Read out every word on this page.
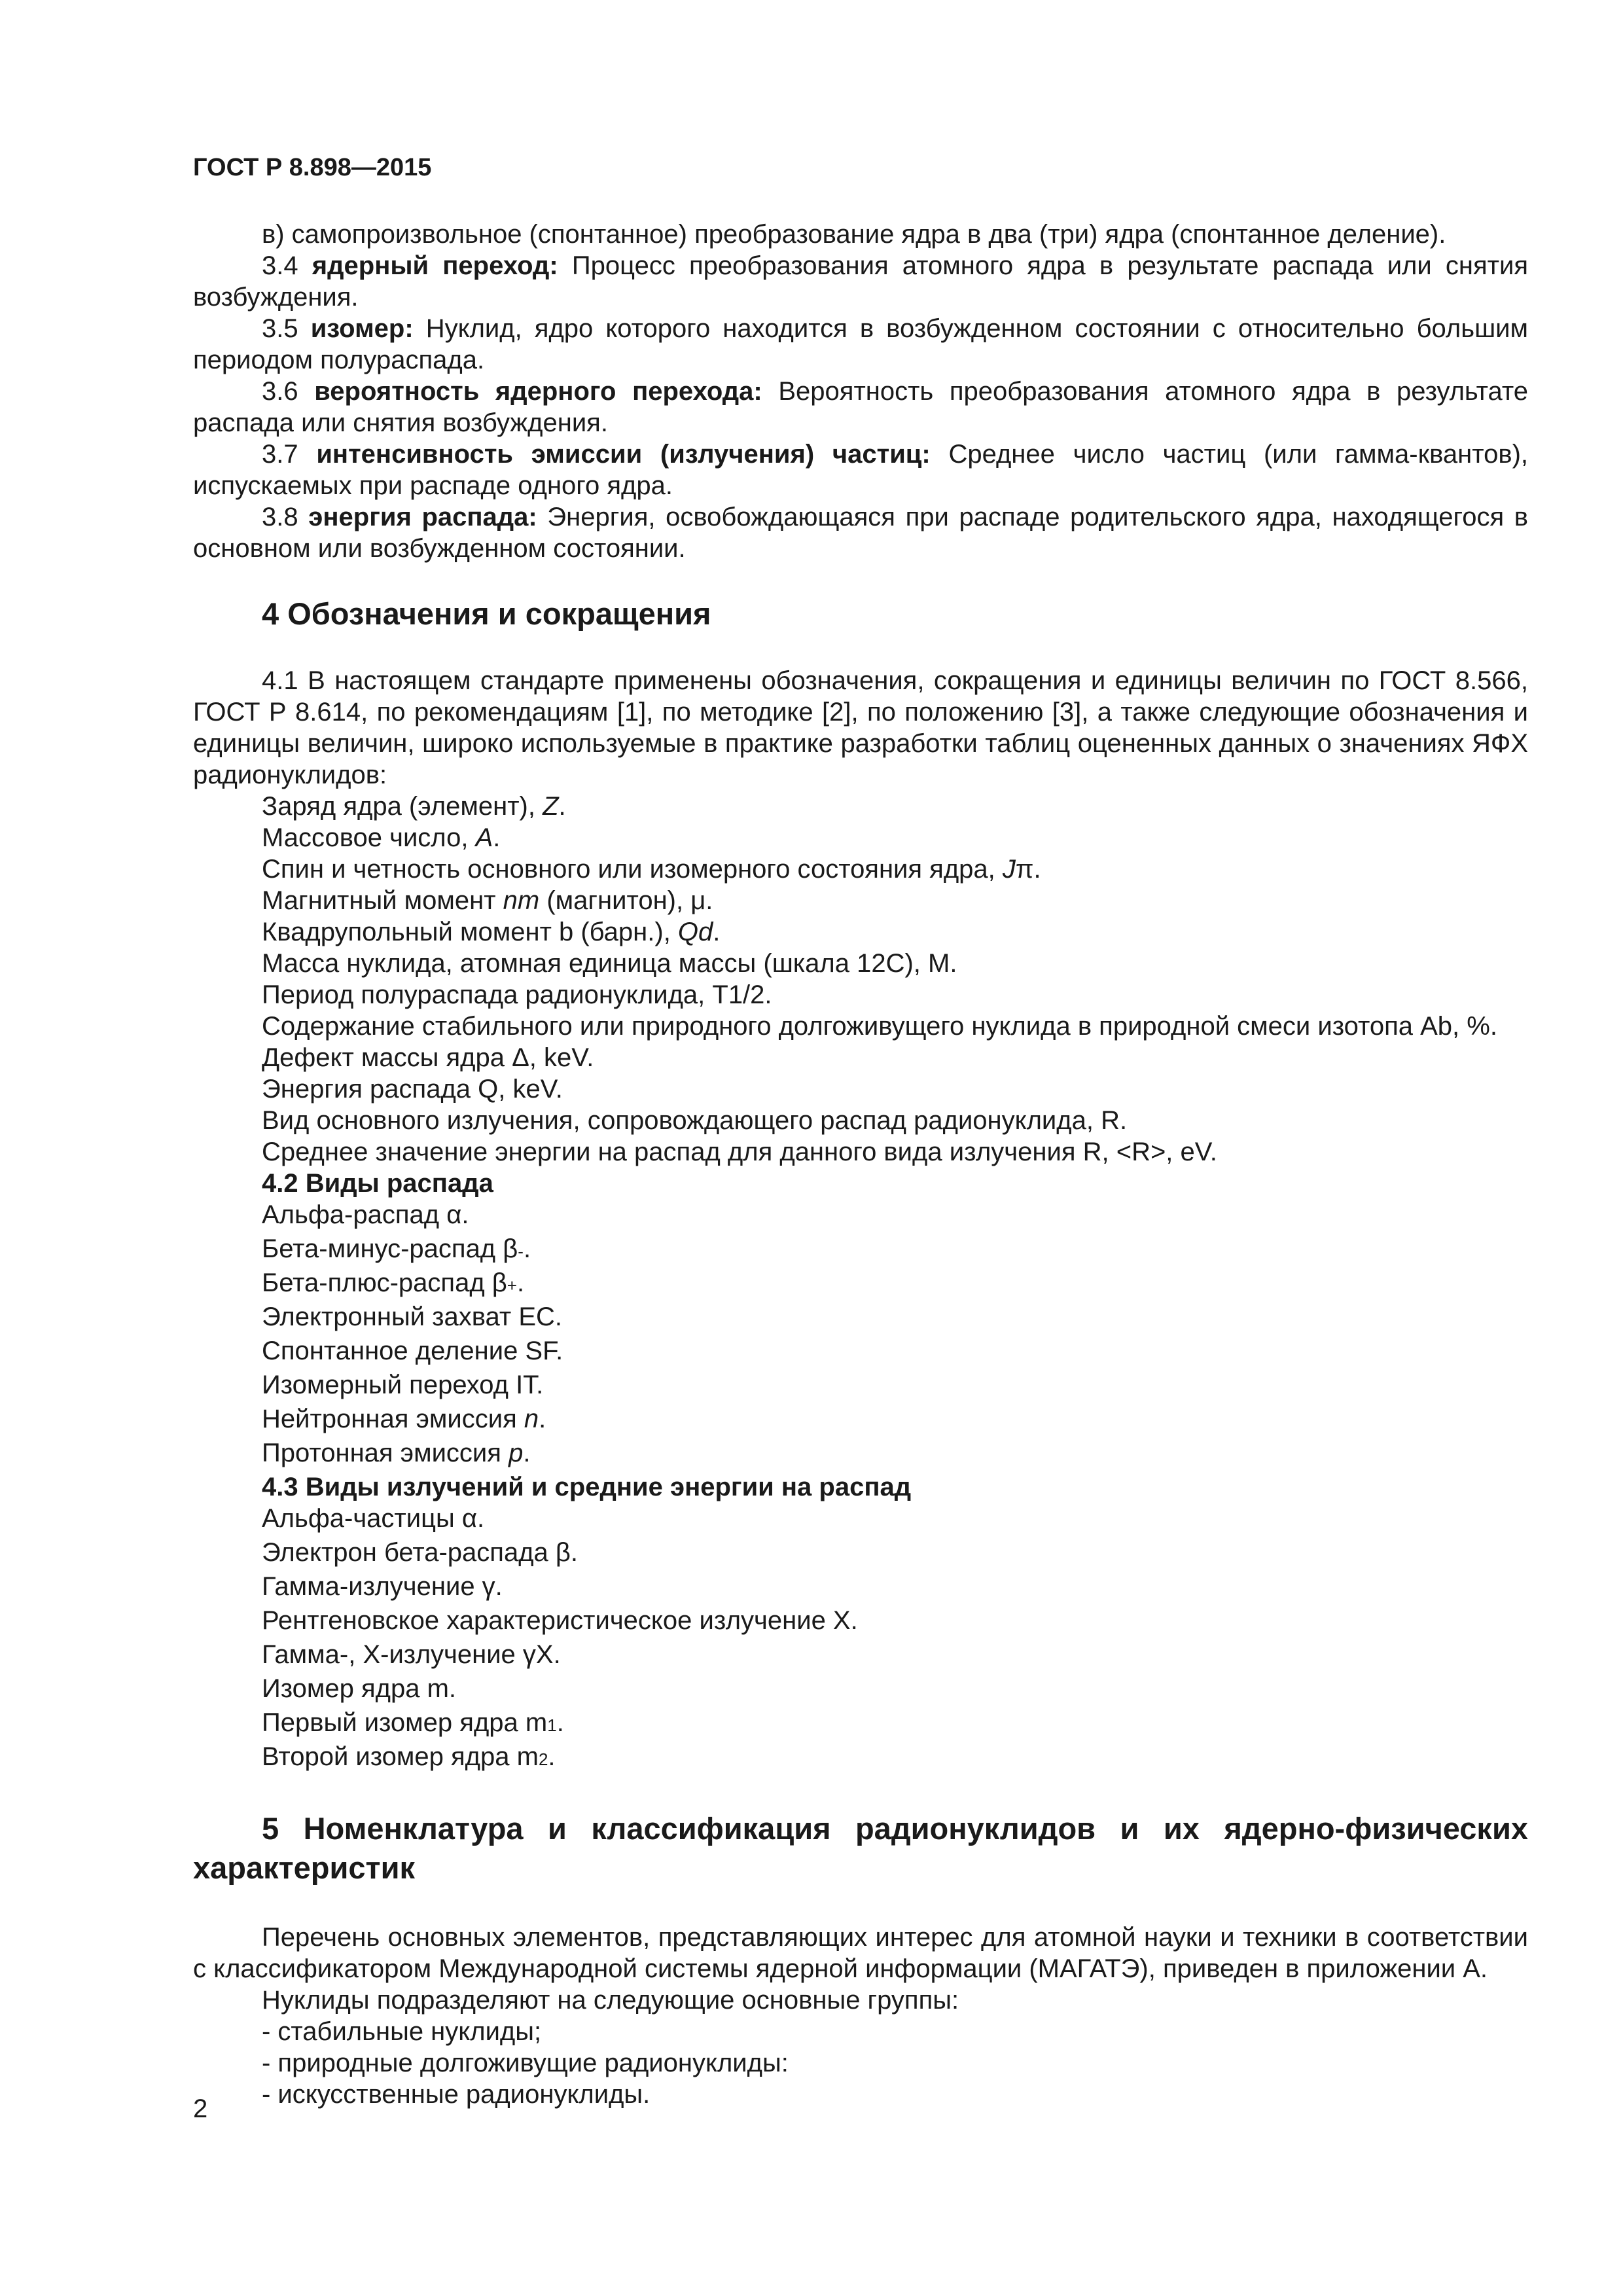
ГОСТ Р 8.898—2015

в) самопроизвольное (спонтанное) преобразование ядра в два (три) ядра (спонтанное деление).

3.4 ядерный переход: Процесс преобразования атомного ядра в результате распада или снятия возбуждения.

3.5 изомер: Нуклид, ядро которого находится в возбужденном состоянии с относительно большим периодом полураспада.

3.6 вероятность ядерного перехода: Вероятность преобразования атомного ядра в результате распада или снятия возбуждения.

3.7 интенсивность эмиссии (излучения) частиц: Среднее число частиц (или гамма-квантов), испускаемых при распаде одного ядра.

3.8 энергия распада: Энергия, освобождающаяся при распаде родительского ядра, находящегося в основном или возбужденном состоянии.

4 Обозначения и сокращения

4.1 В настоящем стандарте применены обозначения, сокращения и единицы величин по ГОСТ 8.566, ГОСТ Р 8.614, по рекомендациям [1], по методике [2], по положению [3], а также следующие обозначения и единицы величин, широко используемые в практике разработки таблиц оцененных данных о значениях ЯФХ радионуклидов:

Заряд ядра (элемент), Z.

Массовое число, A.

Спин и четность основного или изомерного состояния ядра, Jπ.

Магнитный момент nm (магнитон), μ.

Квадрупольный момент b (барн.), Qd.

Масса нуклида, атомная единица массы (шкала 12C), M.

Период полураспада радионуклида, T1/2.

Содержание стабильного или природного долгоживущего нуклида в природной смеси изотопа Ab, %.

Дефект массы ядра Δ, keV.

Энергия распада Q, keV.

Вид основного излучения, сопровождающего распад радионуклида, R.

Среднее значение энергии на распад для данного вида излучения R, <R>, eV.

4.2 Виды распада

Альфа-распад α.

Бета-минус-распад β-.

Бета-плюс-распад β+.

Электронный захват EC.

Спонтанное деление SF.

Изомерный переход IT.

Нейтронная эмиссия n.

Протонная эмиссия p.

4.3 Виды излучений и средние энергии на распад

Альфа-частицы α.

Электрон бета-распада β.

Гамма-излучение γ.

Рентгеновское характеристическое излучение X.

Гамма-, X-излучение γX.

Изомер ядра m.

Первый изомер ядра m1.

Второй изомер ядра m2.

5 Номенклатура и классификация радионуклидов и их ядерно-физических характеристик

Перечень основных элементов, представляющих интерес для атомной науки и техники в соответствии с классификатором Международной системы ядерной информации (МАГАТЭ), приведен в приложении А.

Нуклиды подразделяют на следующие основные группы:

- стабильные нуклиды;

- природные долгоживущие радионуклиды:

- искусственные радионуклиды.

2
